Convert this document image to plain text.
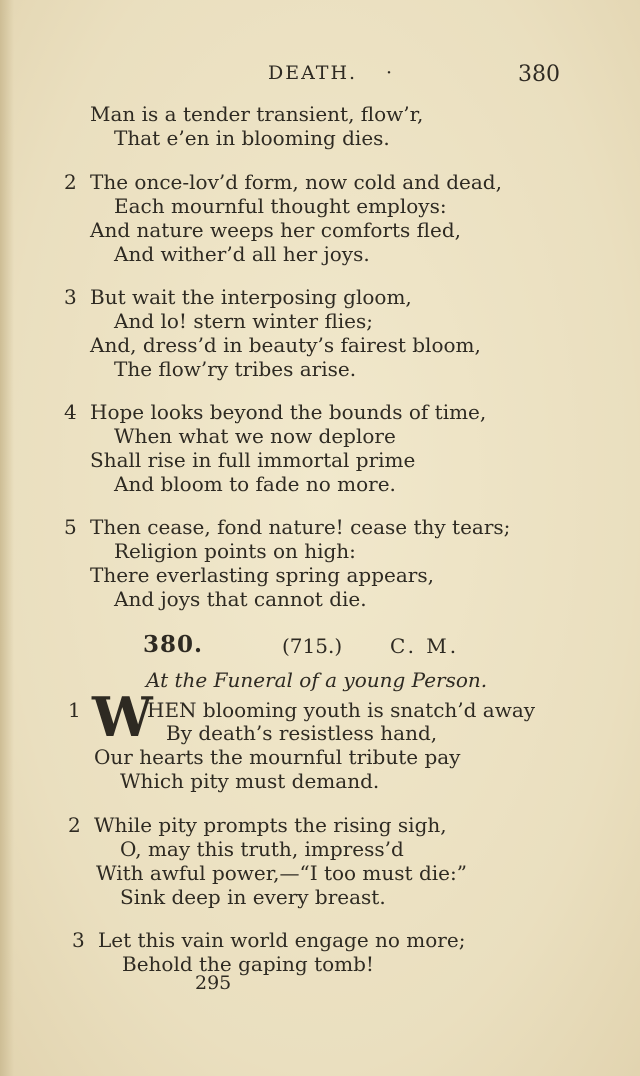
DEATH. ·	380
Man is a tender transient, flow’r,
That e’en in blooming dies.
2 The once-lov’d form, now cold and dead,
Each mournful thought employs:
And nature weeps her comforts fled,
And wither’d all her joys.
3 But wait the interposing gloom,
And lo! stern winter flies;
And, dress’d in beauty’s fairest bloom,
The flow’ry tribes arise.
4 Hope looks beyond the bounds of time,
When what we now deplore
Shall rise in full immortal prime
And bloom to fade no more.
5 Then cease, fond nature! cease thy tears;
Religion points on high:
There everlasting spring appears,
And joys that cannot die.
380.	(715.) C. M.
At the Funeral of a young Person.
1 W
HEN blooming youth is snatch’d away
By death’s resistless hand,
Our hearts the mournful tribute pay
Which pity must demand.
2 While pity prompts the rising sigh,
O, may this truth, impress’d
With awful power,—“I too must die:”
Sink deep in every breast.
3 Let this vain world engage no more;
Behold the gaping tomb!
295
